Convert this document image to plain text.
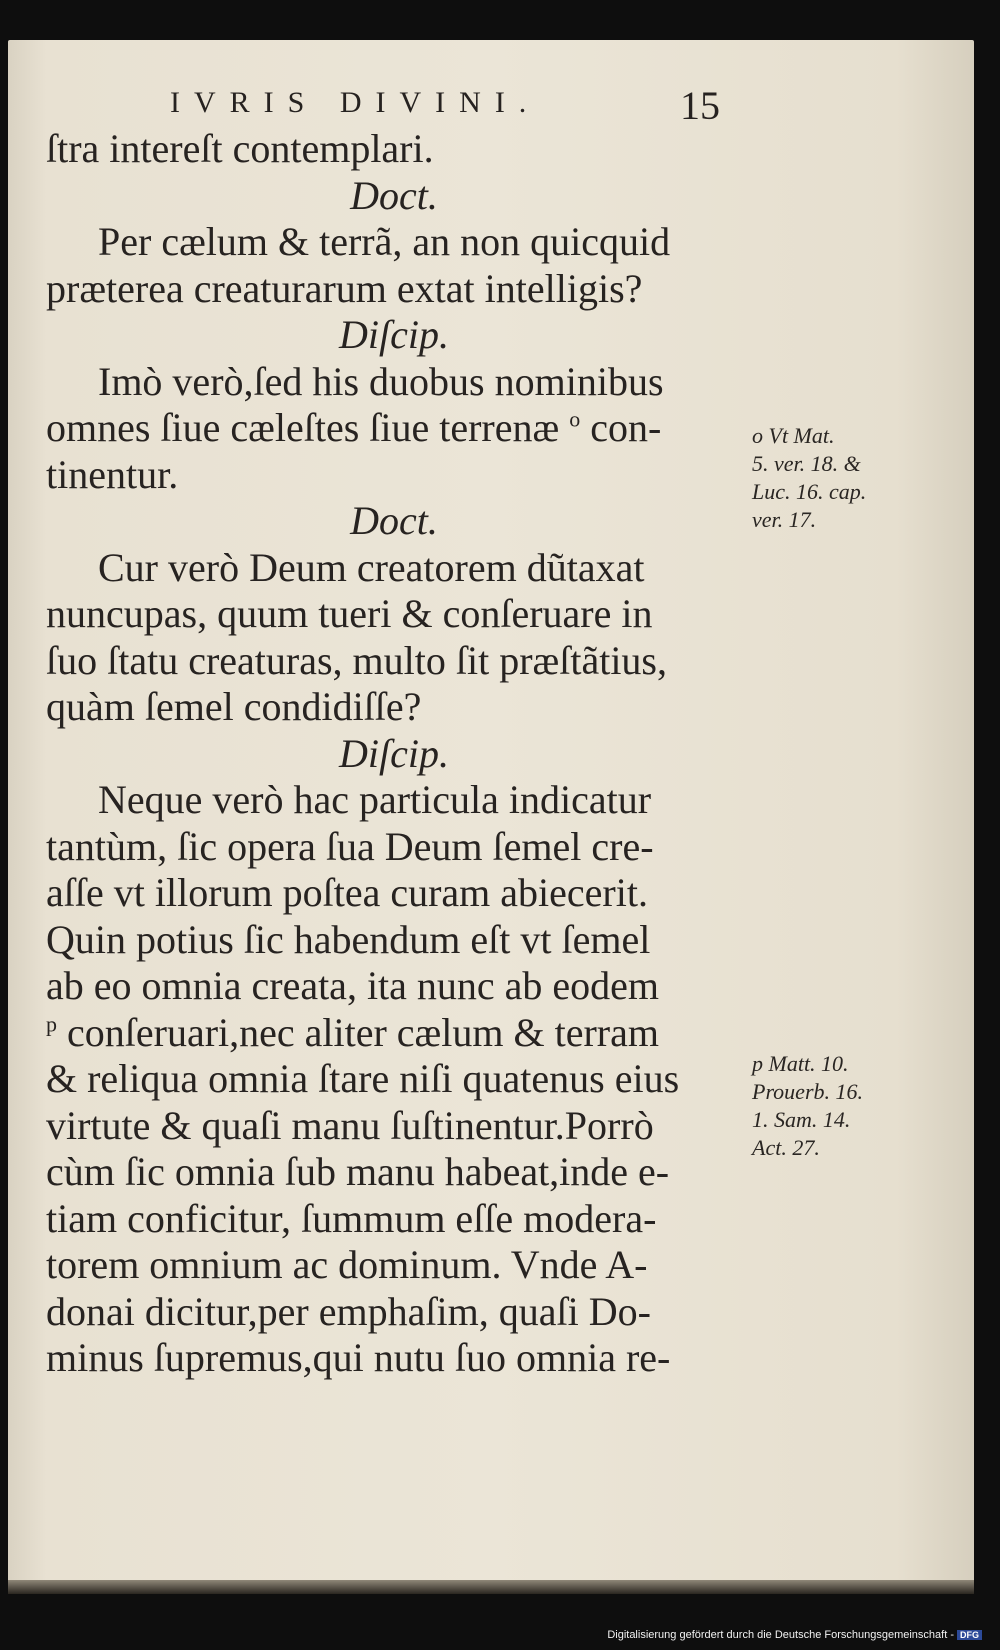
IVRIS DIVINI.	15
ſtra intereſt contemplari.
Doct.
Per cælum & terrã, an non quicquid
præterea creaturarum extat intelligis?
Diſcip.
Imò verò,ſed his duobus nominibus
omnes ſiue cæleſtes ſiue terrenæ $^o$ con-
tinentur.
Doct.
Cur verò Deum creatorem dũtaxat
nuncupas, quum tueri & conſeruare in
ſuo ſtatu creaturas, multo ſit præſtãtius,
quàm ſemel condidiſſe?
Diſcip.
Neque verò hac particula indicatur
tantùm, ſic opera ſua Deum ſemel cre-
aſſe vt illorum poſtea curam abiecerit.
Quin potius ſic habendum eſt vt ſemel
ab eo omnia creata, ita nunc ab eodem
$^p$ conſeruari,nec aliter cælum & terram
& reliqua omnia ſtare niſi quatenus eius
virtute & quaſi manu ſuſtinentur.Porrò
cùm ſic omnia ſub manu habeat,inde e-
tiam conficitur, ſummum eſſe modera-
torem omnium ac dominum. Vnde A-
donai dicitur,per emphaſim, quaſi Do-
minus ſupremus,qui nutu ſuo omnia re-
o Vt Mat.
5. ver. 18. &
Luc. 16. cap.
ver. 17.
p Matt. 10.
Prouerb. 16.
1. Sam. 14.
Act. 27.
Digitalisierung gefördert durch die Deutsche Forschungsgemeinschaft - DFG
